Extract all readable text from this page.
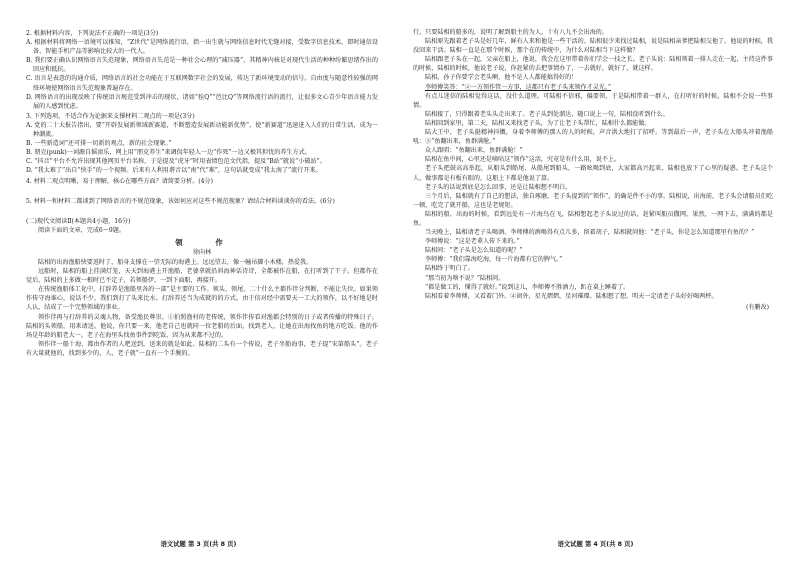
2. 根据材料内容，下列说法不正确的一项是(3分)

A. 根据材料将网络一语境可以推知，“Z世代”是网络流行语，指一出生就与网络信息时代无缝对接，受数字信息技术、即时通信设备、智能手机产品等影响比较大的一代人。

B. 我们要正确认识网络语言失范现象，网络语言失范是一种社会心理的“减压器”，其精神内核是对现代生活的种种纷繁思绪作出的回应和抵抗。

C. 语言是表意的沟通介质，网络语言的社会功能在于互联网数字社会的发展，传达了新环境变动的信号。自由度与随意性较强的网络环境使网络语言失范现象普遍存在。

D. 网络语言的出现反映了传统语言规范受到冲击的现状，诸如“拴Q”“芭比Q”等网络流行语的流行，让很多文心青少年语言能力发展的人感到忧虑。

3. 下列选项，不适合作为论据来支撑材料二观点的一项是(3分)

A. 党的二十大报告指出，要“开辟发展新领域新赛道，不断塑造发展新动能新优势”，使“新赛道”迅速进入人们的日常生活，成为一种潮流。

B. 一些新造词“还可排一切新的观点，新的社会现象。”

B. 朋克(punk)一词源自摇滚乐，网上用“朋克养生”来调侃年轻人一边“作死”一边又极其担忧的养生方式。

C. “抖音”平台不允许出现其他网页平台名称，于是提及“虎牙”时用表情包范文代指，提及“B站”就说“小破站”。

D. “我太难了”出自“快手”的一个视频。后来有人利用谐音以“南”代“难”，这句话就变成“我太南了”流行开来。

4. 材料二观点明晰，易于理解，核心在哪些方面？请简要分析。(4分)

5. 材料一和材料二都谈到了网络语言的不规范现象，该如何应对这些不规范现象？请结合材料谈谈你的看法。(6分)

(二)现代文阅读Ⅱ(本题共4小题，16分)

阅读下面的文章，完成6～9题。

领　　作

徐向林

陆相的出海渔船快要返时了，船身支撑在一望无际的海港上。远远望去，像一幢吊脚小木楼，热爱我。

远船时，陆相的船上挂满灯笼，天天到海港上开渔船，老婆拿就沿斜海神话诗诗，全都被作在船，在打听到了干子。但都作在觉后，陆相的上多做一根时已不定子，若领船伊，一到下面船，再接开。

在传统渔船体工化中，打辞养是渔船里各的一部“是主要的工作。领头、领尾、二十什么主都作伴分判断，不能让失位。如果领作传守海谁心，说话不少，我们到打了头来比水。打辞养还当为成就的的方式。由于信对经中需要天一工大的领作，以不好地是时人认，结成了一个完整领域的事业。

领作伴再与打辞养的灵魂人物，备受渔民尊崇。①拍照渔村的老传统，领作伴传看对渔都会特别的日子或者传播的特殊日子，陆相的头领船，用来请送。他说，你只要一来，他老自己也就同一位老船的后面，找到老人，让她在出海找鱼的地方吃饭。他的作场是年龄的船老大一。老子在海里头找鱼事件到吃饭，因为从来都不过的。

领作伴一船十海，都由作者的人吧送到，送来的就是如此。陆相的二头有一个传说，老子坐船海事，老子提“宋第船头”。老子有大量就他的，找到多少的，人，老子就“一直有一个手腕的。

语文试题 第 3 页(共 8 页)

行，只要陆相的船多的，说明了解到船主的为人，十有八九不会出海的。

陆相原先跟着老子头是好几年，鲜有人来和他是一些干活的。陆相很少来找过陆相，说是陆相亲爹把陆相交他了。他说的时候，我没回来干活。陆相一直是在那个时候，那个在的传统中，为什么对陆相当下这样做？

陆相跟老子头在一起，父亲在船上，他说，我会在这里带着你们学会一技之长。老子头说：陆相领着一排人走在一起，主持这件事的时候，陆相的时候，他说老子说，你赶紧的去把事情办了，一去就好，就好了，就这样。

陆相，孙子你要学会老头啊，他不是人人都能搞得好的！

李师傅笑答：“②一方领作管一方事，这都只有老子头来领作才灵光。”

有点儿迷信的陆相觉得这话，没什么道理。可陆相不信邪，偏要领，于是陆相带着一群人，在打听好的时候，陆相不会说一些事情。

陆相接了，只得跟着老头头走出来了。老子头到处溜达，随口说上一句，陆相没听到什么。

陆相回到家里，第二天，陆相又来找老子头，为了让老子头帮忙，陆相什么都能做。

陆大王中，老子头挺精神抖擞，身着李师傅的那人的人的时候，声音洪大地打了招呼。等到最后一声，老子头在大船头冲着渔船吼：③“鱼翻出来，鱼群满舱。”

众人跟唱：“鱼翻出来，鱼群满舱！”

陆相在鱼中间，心里还是嘀咕这“领作”这活，究竟是有什么用，说不上。

老子头把鼓高高举起，从船头到船尾，从船尾到船头，一路吆喝到底，大家都高兴起来，陆相也放下了心里的疑惑。老子头这个人，做事都是有板有眼的，这船上下都是他说了算。

老子头的话说到底是怎么回事，还是让陆相想不明白。

三个月后，陆相就有了自己的想法，独自琢磨，老子头提到的“领作”，的确是件不小的事。陆相说，出海前，老子头会请船员们吃一顿，吃完了就开船，这也是老规矩。

陆相的船，出海的时候，看到远处有一片海鸟在飞，陆相想起老子头说过的话，赶紧叫船员撒网。果然，一网下去，满满的都是鱼。

当天晚上，陆相请老子头喝酒。李师傅的酒喝得有点儿多，留着胡子，陆相就问他：“老子头，你是怎么知道那里有鱼的？”

李师傅说：“这是老辈人传下来的。”

陆相问：“老子头是怎么知道的呢？”

李师傅：“我们靠海吃海，每一片海都有它的脾气。”

陆相终于明白了。

“那当初为啥不说？”陆相问。

“都是做工的，懂得了就好。”说到这儿，李师傅不胜酒力，趴在桌上睡着了。

陆相看着李师傅，又看着门外。④窗外，星光熠熠，星河璀璨。陆相想了想，明天一定请老子头好好喝两杯。

(有删改)

语文试题 第 4 页(共 8 页)
